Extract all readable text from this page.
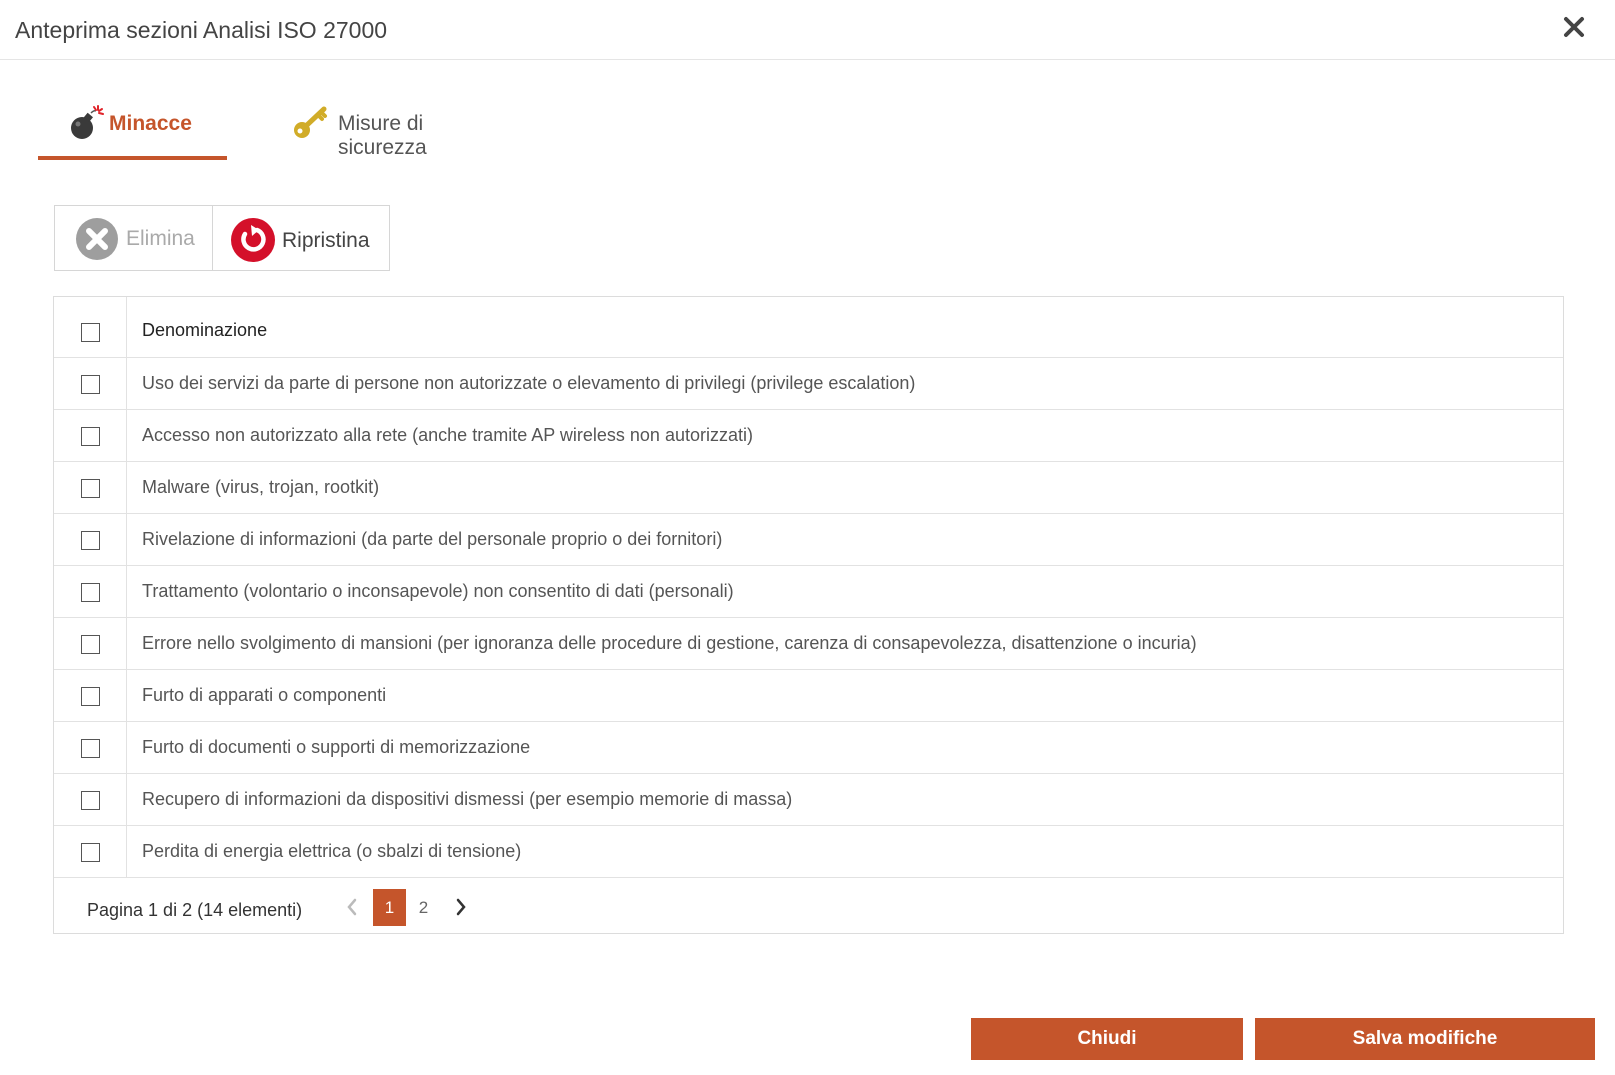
Anteprima sezioni Analisi ISO 27000
Minacce	Misure di sicurezza
Elimina	Ripristina
Denominazione
Uso dei servizi da parte di persone non autorizzate o elevamento di privilegi (privilege escalation)
Accesso non autorizzato alla rete (anche tramite AP wireless non autorizzati)
Malware (virus, trojan, rootkit)
Rivelazione di informazioni (da parte del personale proprio o dei fornitori)
Trattamento (volontario o inconsapevole) non consentito di dati (personali)
Errore nello svolgimento di mansioni (per ignoranza delle procedure di gestione, carenza di consapevolezza, disattenzione o incuria)
Furto di apparati o componenti
Furto di documenti o supporti di memorizzazione
Recupero di informazioni da dispositivi dismessi (per esempio memorie di massa)
Perdita di energia elettrica (o sbalzi di tensione)
Pagina 1 di 2 (14 elementi)	1	2
Chiudi	Salva modifiche
